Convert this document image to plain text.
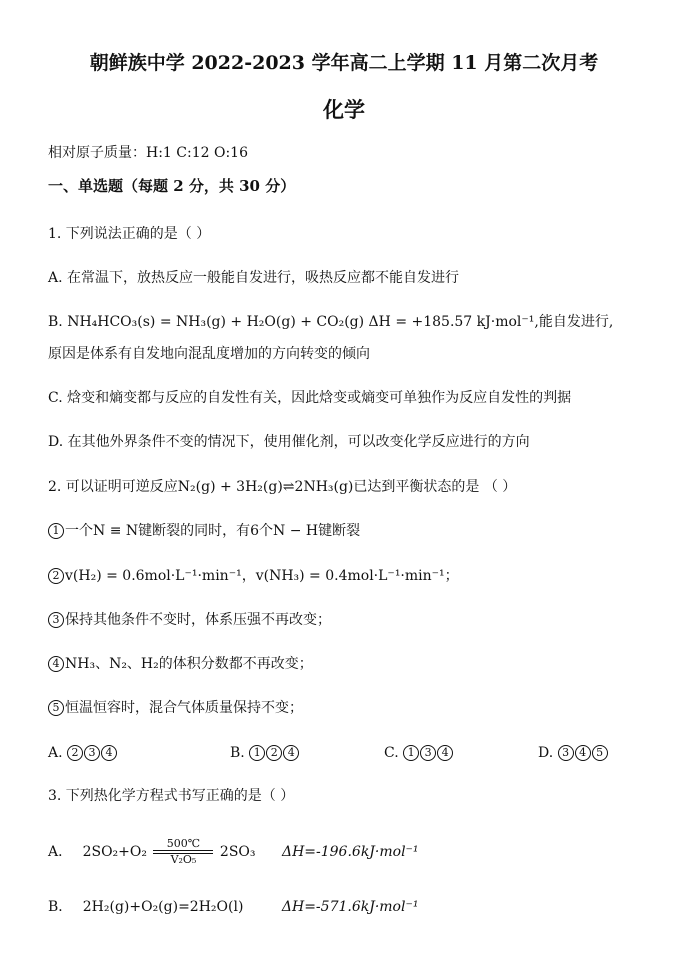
朝鲜族中学 2022-2023 学年高二上学期 11 月第二次月考
化学
相对原子质量：H:1 C:12 O:16
一、单选题（每题 2 分，共 30 分）
1. 下列说法正确的是（ ）
A. 在常温下，放热反应一般能自发进行，吸热反应都不能自发进行
B. NH₄HCO₃(s) = NH₃(g) + H₂O(g) + CO₂(g) ΔH = +185.57 kJ·mol⁻¹,能自发进行,
原因是体系有自发地向混乱度增加的方向转变的倾向
C. 焓变和熵变都与反应的自发性有关，因此焓变或熵变可单独作为反应自发性的判据
D. 在其他外界条件不变的情况下，使用催化剂，可以改变化学反应进行的方向
2. 可以证明可逆反应N₂(g) + 3H₂(g)⇌2NH₃(g)已达到平衡状态的是 （ ）
1 一个N ≡ N键断裂的同时，有6个N − H键断裂
2 v(H₂) = 0.6mol·L⁻¹·min⁻¹，v(NH₃) = 0.4mol·L⁻¹·min⁻¹；
3 保持其他条件不变时，体系压强不再改变；
4 NH₃、N₂、H₂的体积分数都不再改变；
5 恒温恒容时，混合气体质量保持不变；
A. 2 3 4	B. 1 2 4	C. 1 3 4	D. 3 4 5
3. 下列热化学方程式书写正确的是（ ）
A． $2SO_2+O_2 \frac{500℃}{\text{V₂O₅}} 2SO_3$ ΔH=-196.6kJ·mol⁻¹
B． 2H₂(g)+O₂(g)=2H₂O(l)	ΔH=-571.6kJ·mol⁻¹
